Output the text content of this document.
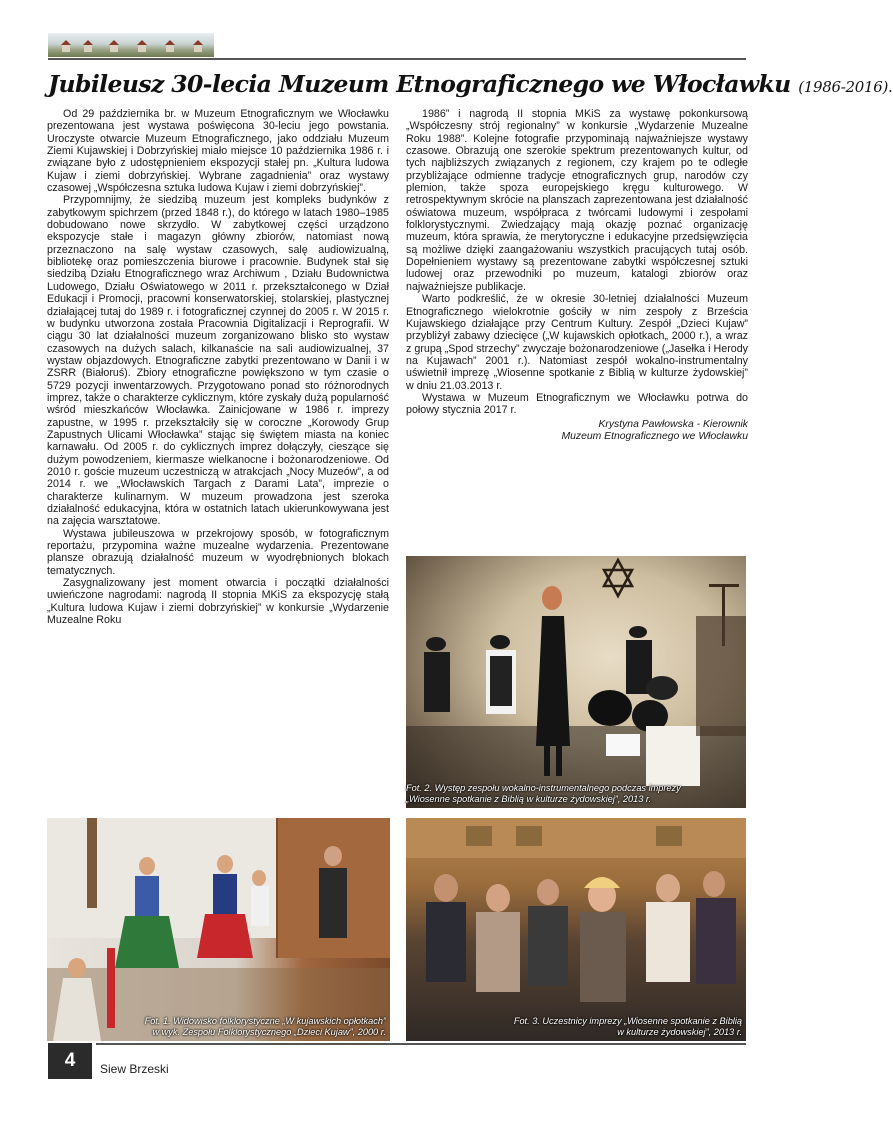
Jubileusz 30-lecia Muzeum Etnograficznego we Włocławku (1986-2016).

Od 29 października br. w Muzeum Etnograficznym we Włocławku prezentowana jest wystawa poświęcona 30-leciu jego powstania. Uroczyste otwarcie Muzeum Etnograficznego, jako oddziału Muzeum Ziemi Kujawskiej i Dobrzyńskiej miało miejsce 10 października 1986 r. i związane było z udostępnieniem ekspozycji stałej pn. „Kultura ludowa Kujaw i ziemi dobrzyńskiej. Wybrane zagadnienia” oraz wystawy czasowej „Współczesna sztuka ludowa Kujaw i ziemi dobrzyńskiej”.

Przypomnijmy, że siedzibą muzeum jest kompleks budynków z zabytkowym spichrzem (przed 1848 r.), do którego w latach 1980–1985 dobudowano nowe skrzydło. W zabytkowej części urządzono ekspozycje stałe i magazyn główny zbiorów, natomiast nową przeznaczono na salę wystaw czasowych, salę audiowizualną, bibliotekę oraz pomieszczenia biurowe i pracownie. Budynek stał się siedzibą Działu Etnograficznego wraz Archiwum , Działu Budownictwa Ludowego, Działu Oświatowego w 2011 r. przekształconego w Dział Edukacji i Promocji, pracowni konserwatorskiej, stolarskiej, plastycznej działającej tutaj do 1989 r. i fotograficznej czynnej do 2005 r. W 2015 r. w budynku utworzona została Pracownia Digitalizacji i Reprografii. W ciągu 30 lat działalności muzeum zorganizowano blisko sto wystaw czasowych na dużych salach, kilkanaście na sali audiowizualnej, 37 wystaw objazdowych. Etnograficzne zabytki prezentowano w Danii i w ZSRR (Białoruś). Zbiory etnograficzne powiększono w tym czasie o 5729 pozycji inwentarzowych. Przygotowano ponad sto różnorodnych imprez, także o charakterze cyklicznym, które zyskały dużą popularność wśród mieszkańców Włocławka. Zainicjowane w 1986 r. imprezy zapustne, w 1995 r. przekształciły się w coroczne „Korowody Grup Zapustnych Ulicami Włocławka” stając się świętem miasta na koniec karnawału. Od 2005 r. do cyklicznych imprez dołączyły, cieszące się dużym powodzeniem, kiermasze wielkanocne i bożonarodzeniowe. Od 2010 r. goście muzeum uczestniczą w atrakcjach „Nocy Muzeów”, a od 2014 r. we „Włocławskich Targach z Darami Lata”, imprezie o charakterze kulinarnym. W muzeum prowadzona jest szeroka działalność edukacyjna, która w ostatnich latach ukierunkowywana jest na zajęcia warsztatowe.

Wystawa jubileuszowa w przekrojowy sposób, w fotograficznym reportażu, przypomina ważne muzealne wydarzenia. Prezentowane plansze obrazują działalność muzeum w wyodrębnionych blokach tematycznych.

Zasygnalizowany jest moment otwarcia i początki działalności uwieńczone nagrodami: nagrodą II stopnia MKiS za ekspozycję stałą „Kultura ludowa Kujaw i ziemi dobrzyńskiej” w konkursie „Wydarzenie Muzealne Roku

1986” i nagrodą II stopnia MKiS za wystawę pokonkursową „Współczesny strój regionalny” w konkursie „Wydarzenie Muzealne Roku 1988”. Kolejne fotografie przypominają najważniejsze wystawy czasowe. Obrazują one szerokie spektrum prezentowanych kultur, od tych najbliższych związanych z regionem, czy krajem po te odległe przybliżające odmienne tradycje etnograficznych grup, narodów czy plemion, także spoza europejskiego kręgu kulturowego. W retrospektywnym skrócie na planszach zaprezentowana jest działalność oświatowa muzeum, współpraca z twórcami ludowymi i zespołami folklorystycznymi. Zwiedzający mają okazję poznać organizację muzeum, która sprawia, że merytoryczne i edukacyjne przedsięwzięcia są możliwe dzięki zaangażowaniu wszystkich pracujących tutaj osób. Dopełnieniem wystawy są prezentowane zabytki współczesnej sztuki ludowej oraz przewodniki po muzeum, katalogi zbiorów oraz najważniejsze publikacje.

Warto podkreślić, że w okresie 30-letniej działalności Muzeum Etnograficznego wielokrotnie gościły w nim zespoły z Brześcia Kujawskiego działające przy Centrum Kultury. Zespół „Dzieci Kujaw” przybliżył zabawy dziecięce („W kujawskich opłotkach„ 2000 r.), a wraz z grupą „Spod strzechy” zwyczaje bożonarodzeniowe („Jasełka i Herody na Kujawach” 2001 r.). Natomiast zespół wokalno-instrumentalny uświetnił imprezę „Wiosenne spotkanie z Biblią w kulturze żydowskiej” w dniu 21.03.2013 r.

Wystawa w Muzeum Etnograficznym we Włocławku potrwa do połowy stycznia 2017 r.

Krystyna Pawłowska - Kierownik
Muzeum Etnograficznego we Włocławku
Fot. 2. Występ zespołu wokalno-instrumentalnego podczas imprezy
„Wiosenne spotkanie z Biblią w kulturze żydowskiej”, 2013 r.
Fot. 1. Widowisko folklorystyczne „W kujawskich opłotkach”
w wyk. Zespołu Folklorystycznego „Dzieci Kujaw”, 2000 r.
Fot. 3. Uczestnicy imprezy „Wiosenne spotkanie z Biblią
w kulturze żydowskiej”, 2013 r.
4	Siew Brzeski
